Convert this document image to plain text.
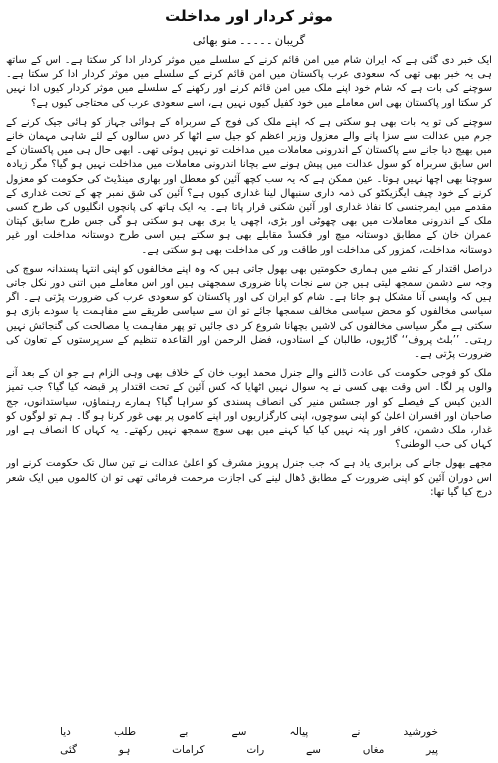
موثر کردار اور مداخلت
گریبان۔۔۔۔۔منو بھائی

ایک خبر دی گئی ہے کہ ایران شام میں امن قائم کرنے کے سلسلے میں موثر کردار ادا کر سکتا ہے۔ اس کے ساتھ ہی یہ خبر بھی تھی کہ سعودی عرب پاکستان میں امن قائم کرنے کے سلسلے میں موثر کردار ادا کر سکتا ہے۔ سوچنے کی بات ہے کہ شام خود اپنے ملک میں امن قائم کرنے اور رکھنے کے سلسلے میں موثر کردار کیوں ادا نہیں کر سکتا اور پاکستان بھی اس معاملے میں خود کفیل کیوں نہیں ہے، اسے سعودی عرب کی محتاجی کیوں ہے؟

سوچنے کی تو یہ بات بھی ہو سکتی ہے کہ اپنے ملک کی فوج کے سربراہ کے ہوائی جہاز کو ہائی جیک کرنے کے جرم میں عدالت سے سزا پانے والے معزول وزیر اعظم کو جیل سے اٹھا کر دس سالوں کے لئے شاہی مہمان خانے میں بھیج دیا جانے سے پاکستان کے اندرونی معاملات میں مداخلت تو نہیں ہوئی تھی۔ ابھی حال ہی میں پاکستان کے اس سابق سربراہ کو سول عدالت میں پیش ہونے سے بچانا اندرونی معاملات میں مداخلت نہیں ہو گیا؟ مگر زیادہ سوچنا بھی اچھا نہیں ہوتا۔ عین ممکن ہے کہ یہ سب کچھ آئین کو معطل اور بھاری مینڈیٹ کی حکومت کو معزول کرنے کے خود چیف ایگزیکٹو کی ذمہ داری سنبھال لینا غداری کیوں ہے؟ آئین کی شق نمبر چھ کے تحت غداری کے مقدمے میں ایمرجنسی کا نفاذ غداری اور آئین شکنی قرار پاتا ہے۔ یہ ایک ہاتھ کی پانچوں انگلیوں کی طرح کسی ملک کے اندرونی معاملات میں بھی چھوٹی اور بڑی، اچھی یا بری بھی ہو سکتی ہو گی جس طرح سابق کپتان عمران خان کے مطابق دوستانہ میچ اور فکسڈ مقابلے بھی ہو سکتے ہیں اسی طرح دوستانہ مداخلت اور غیر دوستانہ مداخلت، کمزور کی مداخلت اور طاقت ور کی مداخلت بھی ہو سکتی ہے۔

دراصل اقتدار کے نشے میں ہماری حکومتیں بھی بھول جاتی ہیں کہ وہ اپنے مخالفوں کو اپنی انتہا پسندانہ سوچ کی وجہ سے دشمن سمجھ لیتی ہیں جن سے نجات پانا ضروری سمجھتی ہیں اور اس معاملے میں اتنی دور نکل جاتی ہیں کہ واپسی آنا مشکل ہو جاتا ہے۔ شام کو ایران کی اور پاکستان کو سعودی عرب کی ضرورت پڑتی ہے۔ اگر سیاسی مخالفوں کو محض سیاسی مخالف سمجھا جائے تو ان سے سیاسی طریقے سے مفاہمت یا سودے بازی ہو سکتی ہے مگر سیاسی مخالفوں کی لاشیں بچھانا شروع کر دی جائیں تو پھر مفاہمت یا مصالحت کی گنجائش نہیں رہتی۔ ’’بلٹ پروف‘‘ گاڑیوں، طالبان کے استادوں، فضل الرحمن اور القاعدہ تنظیم کے سرپرستوں کے تعاون کی ضرورت پڑتی ہے۔

ملک کو فوجی حکومت کی عادت ڈالنے والے جنرل محمد ایوب خان کے خلاف بھی وہی الزام ہے جو ان کے بعد آنے والوں پر لگا۔ اس وقت بھی کسی نے یہ سوال نہیں اٹھایا کہ کس آئین کے تحت اقتدار پر قبضہ کیا گیا؟ جب تمیز الدین کیس کے فیصلے کو اور جسٹس منیر کی انصاف پسندی کو سراہا گیا؟ ہمارے رہنماؤں، سیاستدانوں، جج صاحبان اور افسران اعلیٰ کو اپنی سوچوں، اپنی کارگزاریوں اور اپنے کاموں پر بھی غور کرنا ہو گا۔ ہم تو لوگوں کو غدار، ملک دشمن، کافر اور پتہ نہیں کیا کیا کہنے میں بھی سوچ سمجھ نہیں رکھتے۔ یہ کہاں کا انصاف ہے اور کہاں کی حب الوطنی؟

مجھے بھول جانے کی برابری یاد ہے کہ جب جنرل پرویز مشرف کو اعلیٰ عدالت نے تین سال تک حکومت کرنے اور اس دوران آئین کو اپنی ضرورت کے مطابق ڈھال لینے کی اجازت مرحمت فرمائی تھی تو ان کالموں میں ایک شعر درج کیا گیا تھا:

خورشید
نے
پیالہ
سے
بے
طلب
دیا
پیر
مغاں
سے
رات
کرامات
ہو
گئی
